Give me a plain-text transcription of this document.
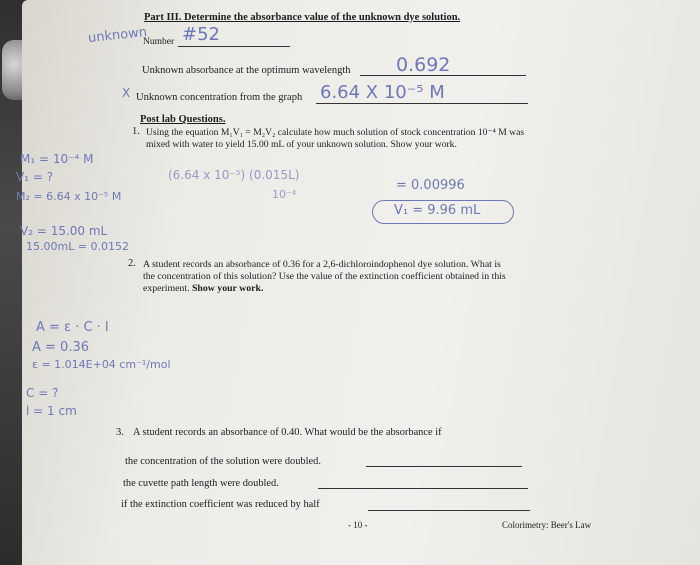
Part III. Determine the absorbance value of the unknown dye solution.
unknown
Number #52
Unknown absorbance at the optimum wavelength 0.692
X Unknown concentration from the graph 6.64 X 10⁻⁵ M
Post lab Questions.
1. Using the equation M₁V₁ = M₂V₂ calculate how much solution of stock concentration 10⁻⁴ M was
mixed with water to yield 15.00 mL of your unknown solution. Show your work.
M₁ = 10⁻⁴ M
V₁ = ?
M₂ = 6.64 x 10⁻⁵ M
(6.64 x 10⁻⁵) (0.015L)
10⁻⁴
= 0.00996
V₁ = 9.96 mL
V₂ = 15.00 mL
15.00mL = 0.0152
2. A student records an absorbance of 0.36 for a 2,6-dichloroindophenol dye solution. What is
the concentration of this solution? Use the value of the extinction coefficient obtained in this
experiment. Show your work.
A = ε · C · l
A = 0.36
ε = 1.014E+04 cm⁻¹/mol
C = ?
l = 1 cm
3. A student records an absorbance of 0.40. What would be the absorbance if
the concentration of the solution were doubled.
the cuvette path length were doubled.
if the extinction coefficient was reduced by half
- 10 -	Colorimetry: Beer's Law
